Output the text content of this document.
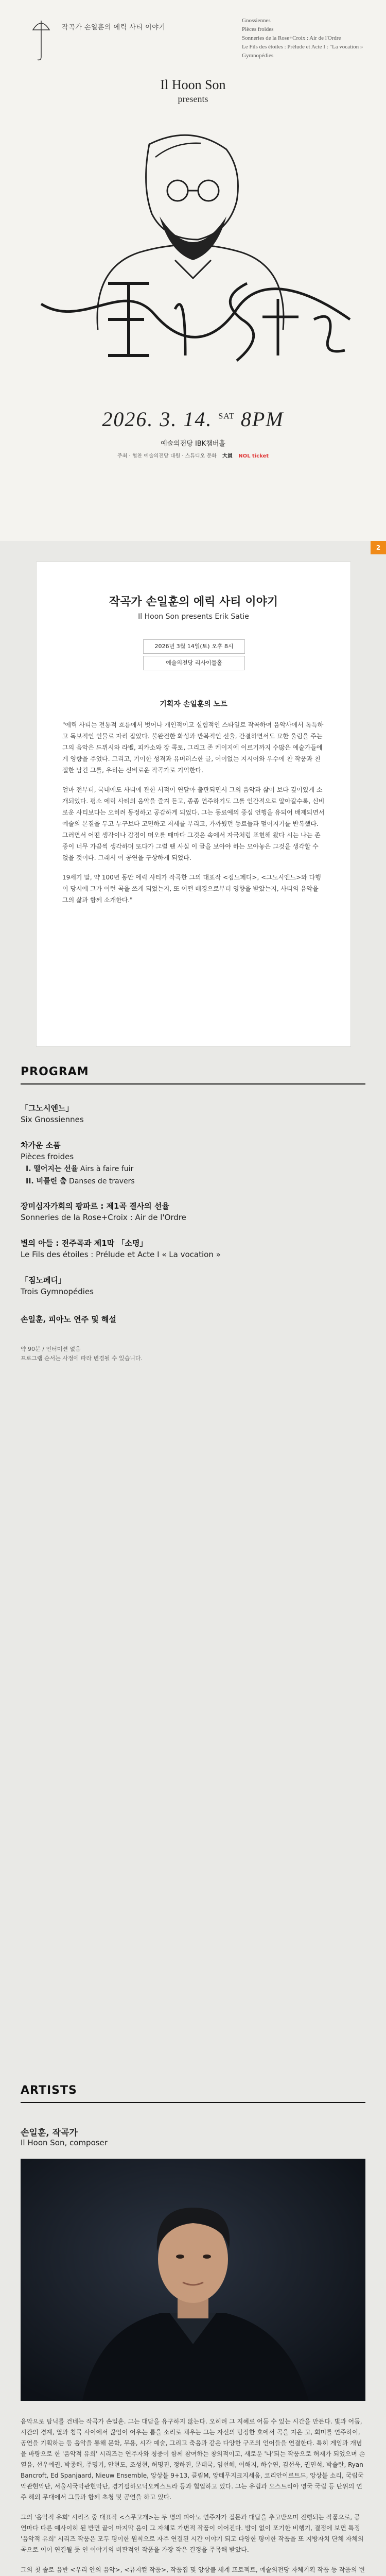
작곡가 손일훈의 에릭 사티 이야기
Gnossiennes
Pièces froides
Sonneries de la Rose+Croix : Air de l'Ordre
Le Fils des étoiles : Prélude et Acte I : "La vocation »
Gymnopédies
Il Hoon Son
presents
2026. 3. 14. $^{SAT}$ 8PM
예술의전당 IBK챔버홀
주최 · 협찬 예술의전당 대원 · 스튜디오 문화 大員 NOL ticket
2
작곡가 손일훈의 에릭 사티 이야기
Il Hoon Son presents Erik Satie
2026년 3월 14일(토) 오후 8시
예술의전당 리사이틀홀
기획자 손일훈의 노트

"에릭 사티는 전통적 흐름에서 벗어나 개인적이고 실험적인 스타일로 작곡하여 음악사에서 독특하고 독보적인 인물로 자리 잡았다. 불완전한 화성과 반복적인 선율, 간결하면서도 묘한 울림을 주는 그의 음악은 드뷔시와 라벨, 피카소와 장 콕토, 그리고 존 케이지에 이르기까지 수많은 예술가들에게 영향을 주었다. 그리고, 기이한 성격과 유머러스한 글, 어이없는 지시어와 우수에 찬 작품과 친절한 남긴 그를, 우리는 신비로운 작곡가로 기억한다.

얼마 전부터, 국내에도 사티에 관한 서적이 연달아 출판되면서 그의 음악과 삶이 보다 깊이있게 소개되었다. 평소 에릭 사티의 음악을 즐겨 듣고, 종종 연주하기도 그를 인간적으로 알아갈수록, 신비로운 사티보다는 오히려 동정하고 공감하게 되었다. 그는 동료예의 중심 언행을 유되어 배제되면서 예술의 본질을 두고 누구보다 고민하고 저세를 부리고, 가까웠던 동료들과 멀어지기를 반복했다. 그러면서 어떤 생각이나 감정이 떠오를 때마다 그것은 속에서 자국처럼 표현해 왔다 시는 나는 존중이 너무 가끔씩 생각하며 또다가 그럴 땐 사실 이 글을 보아야 하는 모아놓은 그것을 생각할 수 없을 것이다. 그래서 이 공연을 구상하게 되었다.

19세기 말, 약 100년 동안 에릭 사티가 작곡한 그의 대표작 <짐노페디>, <그노시엔느>와 다행이 당시에 그가 이런 곡을 쓰게 되었는지, 또 어떤 배경으로부터 영향을 받았는지, 사티의 음악을 그의 삶과 함께 소개한다."

PROGRAM
「그노시엔느」
Six Gnossiennes
차가운 소품
Pièces froides
I. 떨어지는 선율 Airs à faire fuir
II. 비틀린 춤 Danses de travers
장미십자가회의 팡파르 : 제1곡 결사의 선율
Sonneries de la Rose+Croix : Air de l'Ordre
별의 아들 : 전주곡과 제1막 「소명」
Le Fils des étoiles : Prélude et Acte I « La vocation »
「짐노페디」
Trois Gymnopédies
손일훈, 피아노 연주 및 해설
약 90분 / 인터미션 없음
프로그램 순서는 사정에 따라 변경될 수 있습니다.
ARTISTS
손일훈, 작곡가
Il Hoon Son, composer

음악으로 탐닉를 건네는 작곡가 손일훈. 그는 대담을 유구하지 않는다. 오히려 그 지혜로 어둠 수 있는 시간을 만든다. 빛과 어둠, 시간의 경계, 열과 침묵 사이에서 끊임이 어우는 틈을 소리로 채우는 그는 자신의 탐정한 호에서 곡을 지은 고, 회미를 연주하여, 공연을 기획하는 등 음악을 통해 문학, 무용, 시각 예술, 그리고 축음과 같은 다양한 구조의 언어들을 연결한다. 특히 게임과 개념을 바탕으로 한 '음악적 유희' 시리즈는 연주자와 청중이 함께 참여하는 창의적이고, 새로운 '나'되는 작품으로 허재가 되었으며 손열음, 선우예권, 박종해, 주명기, 안현도, 조성현, 허명진, 정하진, 문태국, 임선혜, 이해지, 하수연, 김선욱, 권민석, 박솔란, Ryan Bancroft, Ed Spanjaard, Nieuw Ensemble, 앙상블 9+13, 클림M, 앙테무지크지세움, 코리안이르트드, 앙상블 소리, 국립국악관현악단, 서울시국악관현악단, 경기필하모닉오케스트라 등과 협업하고 있다. 그는 유럽과 오스트리아 영국 국립 등 단위의 연주 해외 무대에서 그들과 함께 초청 및 공연을 하고 있다.

그의 '음악적 유희' 시리즈 중 대표작 <스무고개>는 두 명의 피아노 연주자가 질문과 대답을 추고받으며 진행되는 작품으로, 공연마다 다른 예사이히 된 반면 끝이 마지막 음이 그 자체로 가변적 작품이 이어진다. 밤이 없이 포기한 비행기, 결정에 보면 특정 '음악적 유희' 시리즈 작품은 모두 평이한 원칙으로 자주 연결된 시간 이야기 되고 다양한 평이한 작품을 또 지방자치 단체 자체의 곡으로 이어 연결될 듯 인 이야기의 비판적인 작품을 가장 작은 결정을 주목해 받았다.

그의 첫 솔로 음반 <우리 안의 음악>, <뮤지컬 작품>, 작품집 및 앙상블 세계 프로젝트, 예술의전당 자체기획 작품 등 작품의 변
